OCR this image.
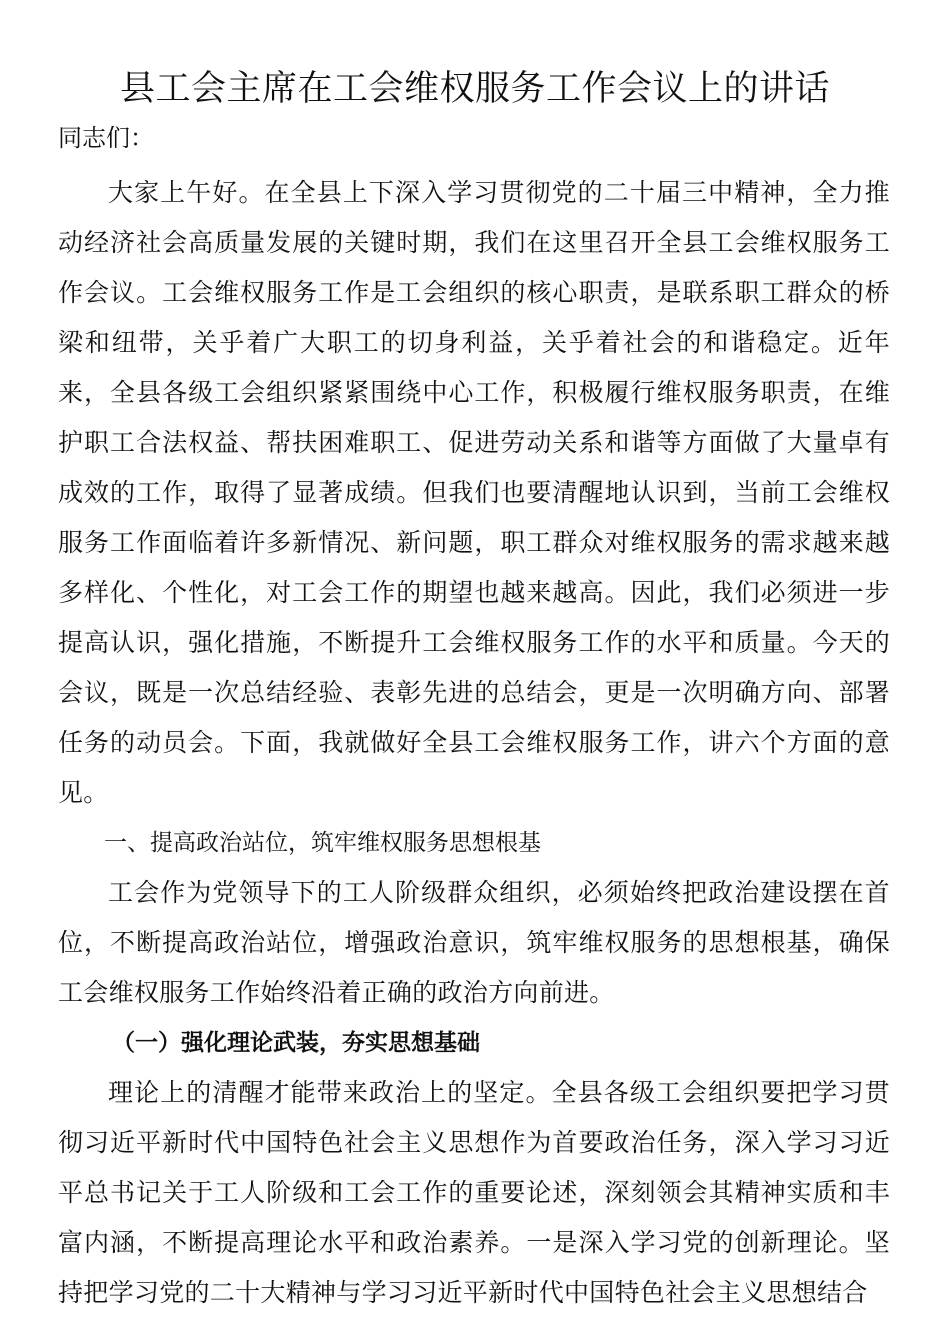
县工会主席在工会维权服务工作会议上的讲话

同志们：

大家上午好。在全县上下深入学习贯彻党的二十届三中精神，全力推动经济社会高质量发展的关键时期，我们在这里召开全县工会维权服务工作会议。工会维权服务工作是工会组织的核心职责，是联系职工群众的桥梁和纽带，关乎着广大职工的切身利益，关乎着社会的和谐稳定。近年来，全县各级工会组织紧紧围绕中心工作，积极履行维权服务职责，在维护职工合法权益、帮扶困难职工、促进劳动关系和谐等方面做了大量卓有成效的工作，取得了显著成绩。但我们也要清醒地认识到，当前工会维权服务工作面临着许多新情况、新问题，职工群众对维权服务的需求越来越多样化、个性化，对工会工作的期望也越来越高。因此，我们必须进一步提高认识，强化措施，不断提升工会维权服务工作的水平和质量。今天的会议，既是一次总结经验、表彰先进的总结会，更是一次明确方向、部署任务的动员会。下面，我就做好全县工会维权服务工作，讲六个方面的意见。

一、提高政治站位，筑牢维权服务思想根基

工会作为党领导下的工人阶级群众组织，必须始终把政治建设摆在首位，不断提高政治站位，增强政治意识，筑牢维权服务的思想根基，确保工会维权服务工作始终沿着正确的政治方向前进。

（一）强化理论武装，夯实思想基础

理论上的清醒才能带来政治上的坚定。全县各级工会组织要把学习贯彻习近平新时代中国特色社会主义思想作为首要政治任务，深入学习习近平总书记关于工人阶级和工会工作的重要论述，深刻领会其精神实质和丰富内涵，不断提高理论水平和政治素养。一是深入学习党的创新理论。坚持把学习党的二十大精神与学习习近平新时代中国特色社会主义思想结合
